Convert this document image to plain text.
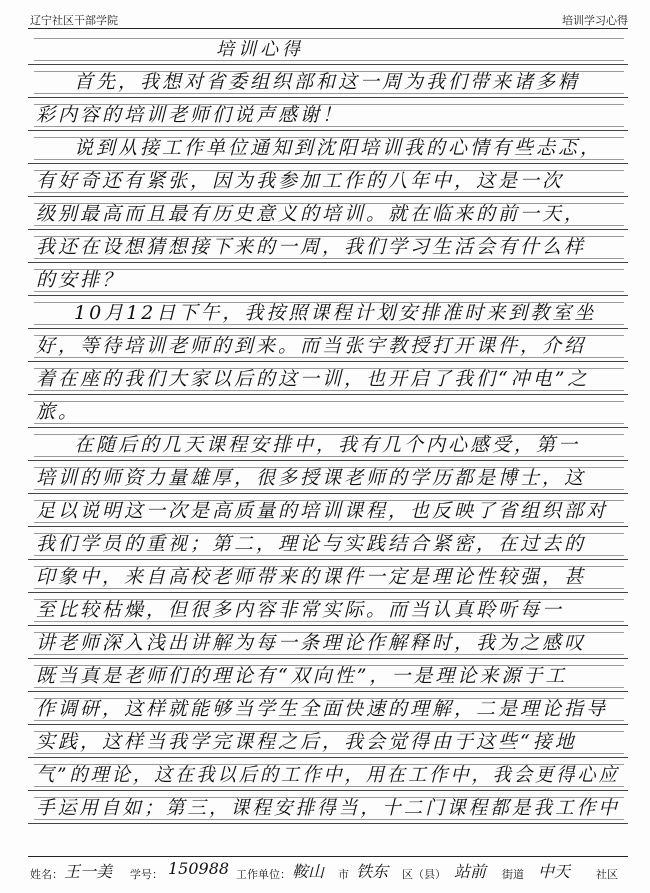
辽宁社区干部学院	培训学习心得
培训心得
首先，我想对省委组织部和这一周为我们带来诸多精
彩内容的培训老师们说声感谢！
说到从接工作单位通知到沈阳培训我的心情有些忐忑，
有好奇还有紧张，因为我参加工作的八年中，这是一次
级别最高而且最有历史意义的培训。就在临来的前一天，
我还在设想猜想接下来的一周，我们学习生活会有什么样
的安排？
10月12日下午，我按照课程计划安排准时来到教室坐
好，等待培训老师的到来。而当张宇教授打开课件，介绍
着在座的我们大家以后的这一训，也开启了我们“冲电”之
旅。
在随后的几天课程安排中，我有几个内心感受，第一
培训的师资力量雄厚，很多授课老师的学历都是博士，这
足以说明这一次是高质量的培训课程，也反映了省组织部对
我们学员的重视；第二，理论与实践结合紧密，在过去的
印象中，来自高校老师带来的课件一定是理论性较强，甚
至比较枯燥，但很多内容非常实际。而当认真聆听每一
讲老师深入浅出讲解为每一条理论作解释时，我为之感叹
既当真是老师们的理论有“双向性”，一是理论来源于工
作调研，这样就能够当学生全面快速的理解，二是理论指导
实践，这样当我学完课程之后，我会觉得由于这些“接地
气”的理论，这在我以后的工作中，用在工作中，我会更得心应
手运用自如；第三，课程安排得当，十二门课程都是我工作中
姓名： 王一美 学号： 150988 工作单位： 鞍山 市 铁东 区（县） 站前 街道 中天 社区
